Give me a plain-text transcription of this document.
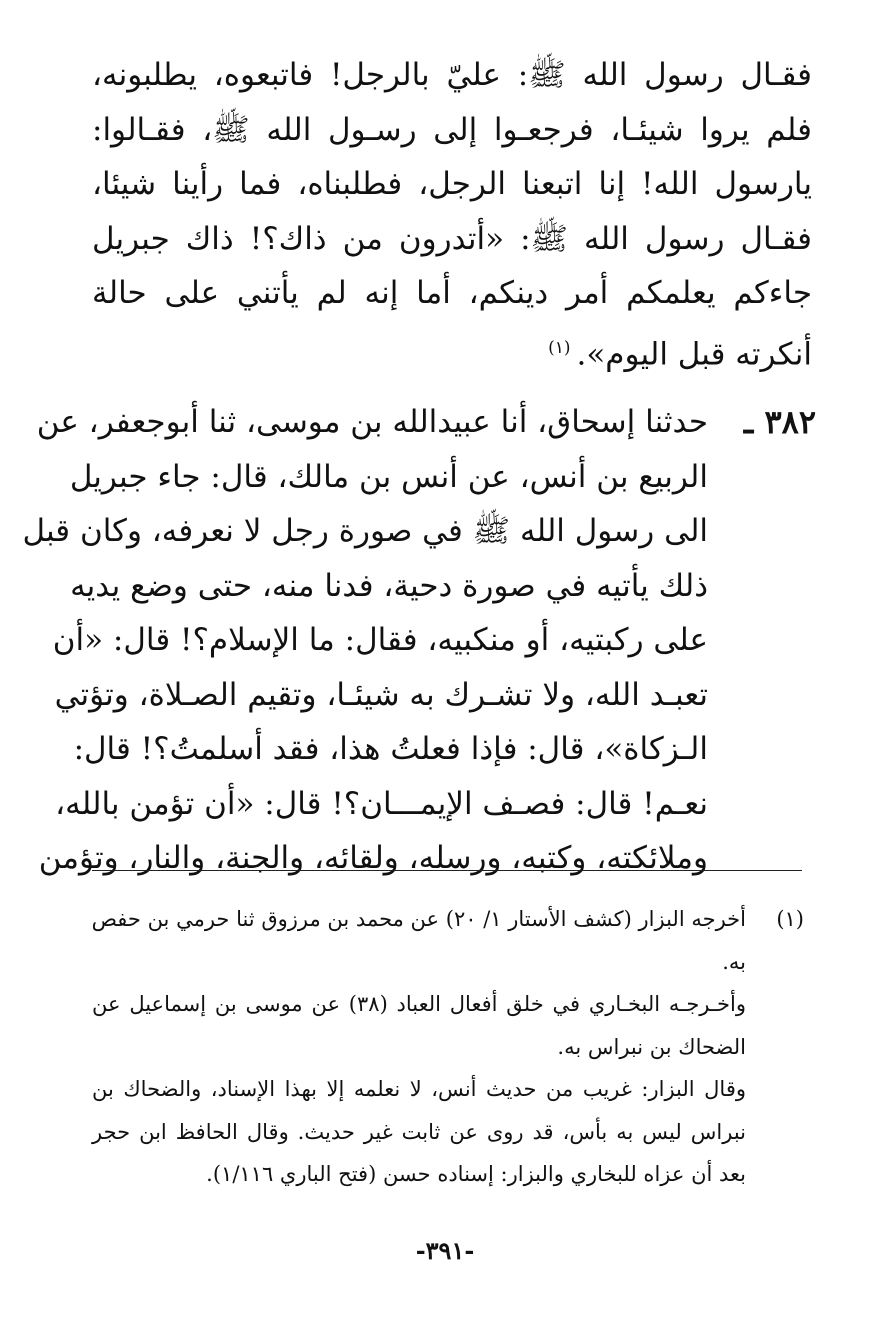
فقـال رسول الله ﷺ: عليّ بالرجل! فاتبعوه، يطلبونه،
فلم يروا شيئـا، فرجعـوا إلى رسـول الله ﷺ، فقـالوا:
يارسول الله! إنا اتبعنا الرجل، فطلبناه، فما رأينا شيئا،
فقـال رسول الله ﷺ: «أتدرون من ذاك؟! ذاك جبريل
جاءكم يعلمكم أمر دينكم، أما إنه لم يأتني على حالة
أنكرته قبل اليوم».$^{(١)}$
٣٨٢ ـ
حدثنا إسحاق، أنا عبيدالله بن موسى، ثنا أبوجعفر، عن
الربيع بن أنس، عن أنس بن مالك، قال: جاء جبريل
الى رسول الله ﷺ في صورة رجل لا نعرفه، وكان قبل
ذلك يأتيه في صورة دحية، فدنا منه، حتى وضع يديه
على ركبتيه، أو منكبيه، فقال: ما الإسلام؟! قال: «أن
تعبـد الله، ولا تشـرك به شيئـا، وتقيم الصـلاة، وتؤتي
الـزكاة»، قال: فإذا فعلتُ هذا، فقد أسلمتُ؟! قال:
نعـم! قال: فصـف الإيمـــان؟! قال: «أن تؤمن بالله،
وملائكته، وكتبه، ورسله، ولقائه، والجنة، والنار، وتؤمن
(١)
أخرجه البزار (كشف الأستار ١/ ٢٠) عن محمد بن مرزوق ثنا حرمي بن حفص
به.
وأخـرجـه البخـاري في خلق أفعال العباد (٣٨) عن موسى بن إسماعيل عن
الضحاك بن نبراس به.
وقال البزار: غريب من حديث أنس، لا نعلمه إلا بهذا الإسناد، والضحاك بن
نبراس ليس به بأس، قد روى عن ثابت غير حديث. وقال الحافظ ابن حجر
بعد أن عزاه للبخاري والبزار: إسناده حسن (فتح الباري ١/١١٦).
-٣٩١-
